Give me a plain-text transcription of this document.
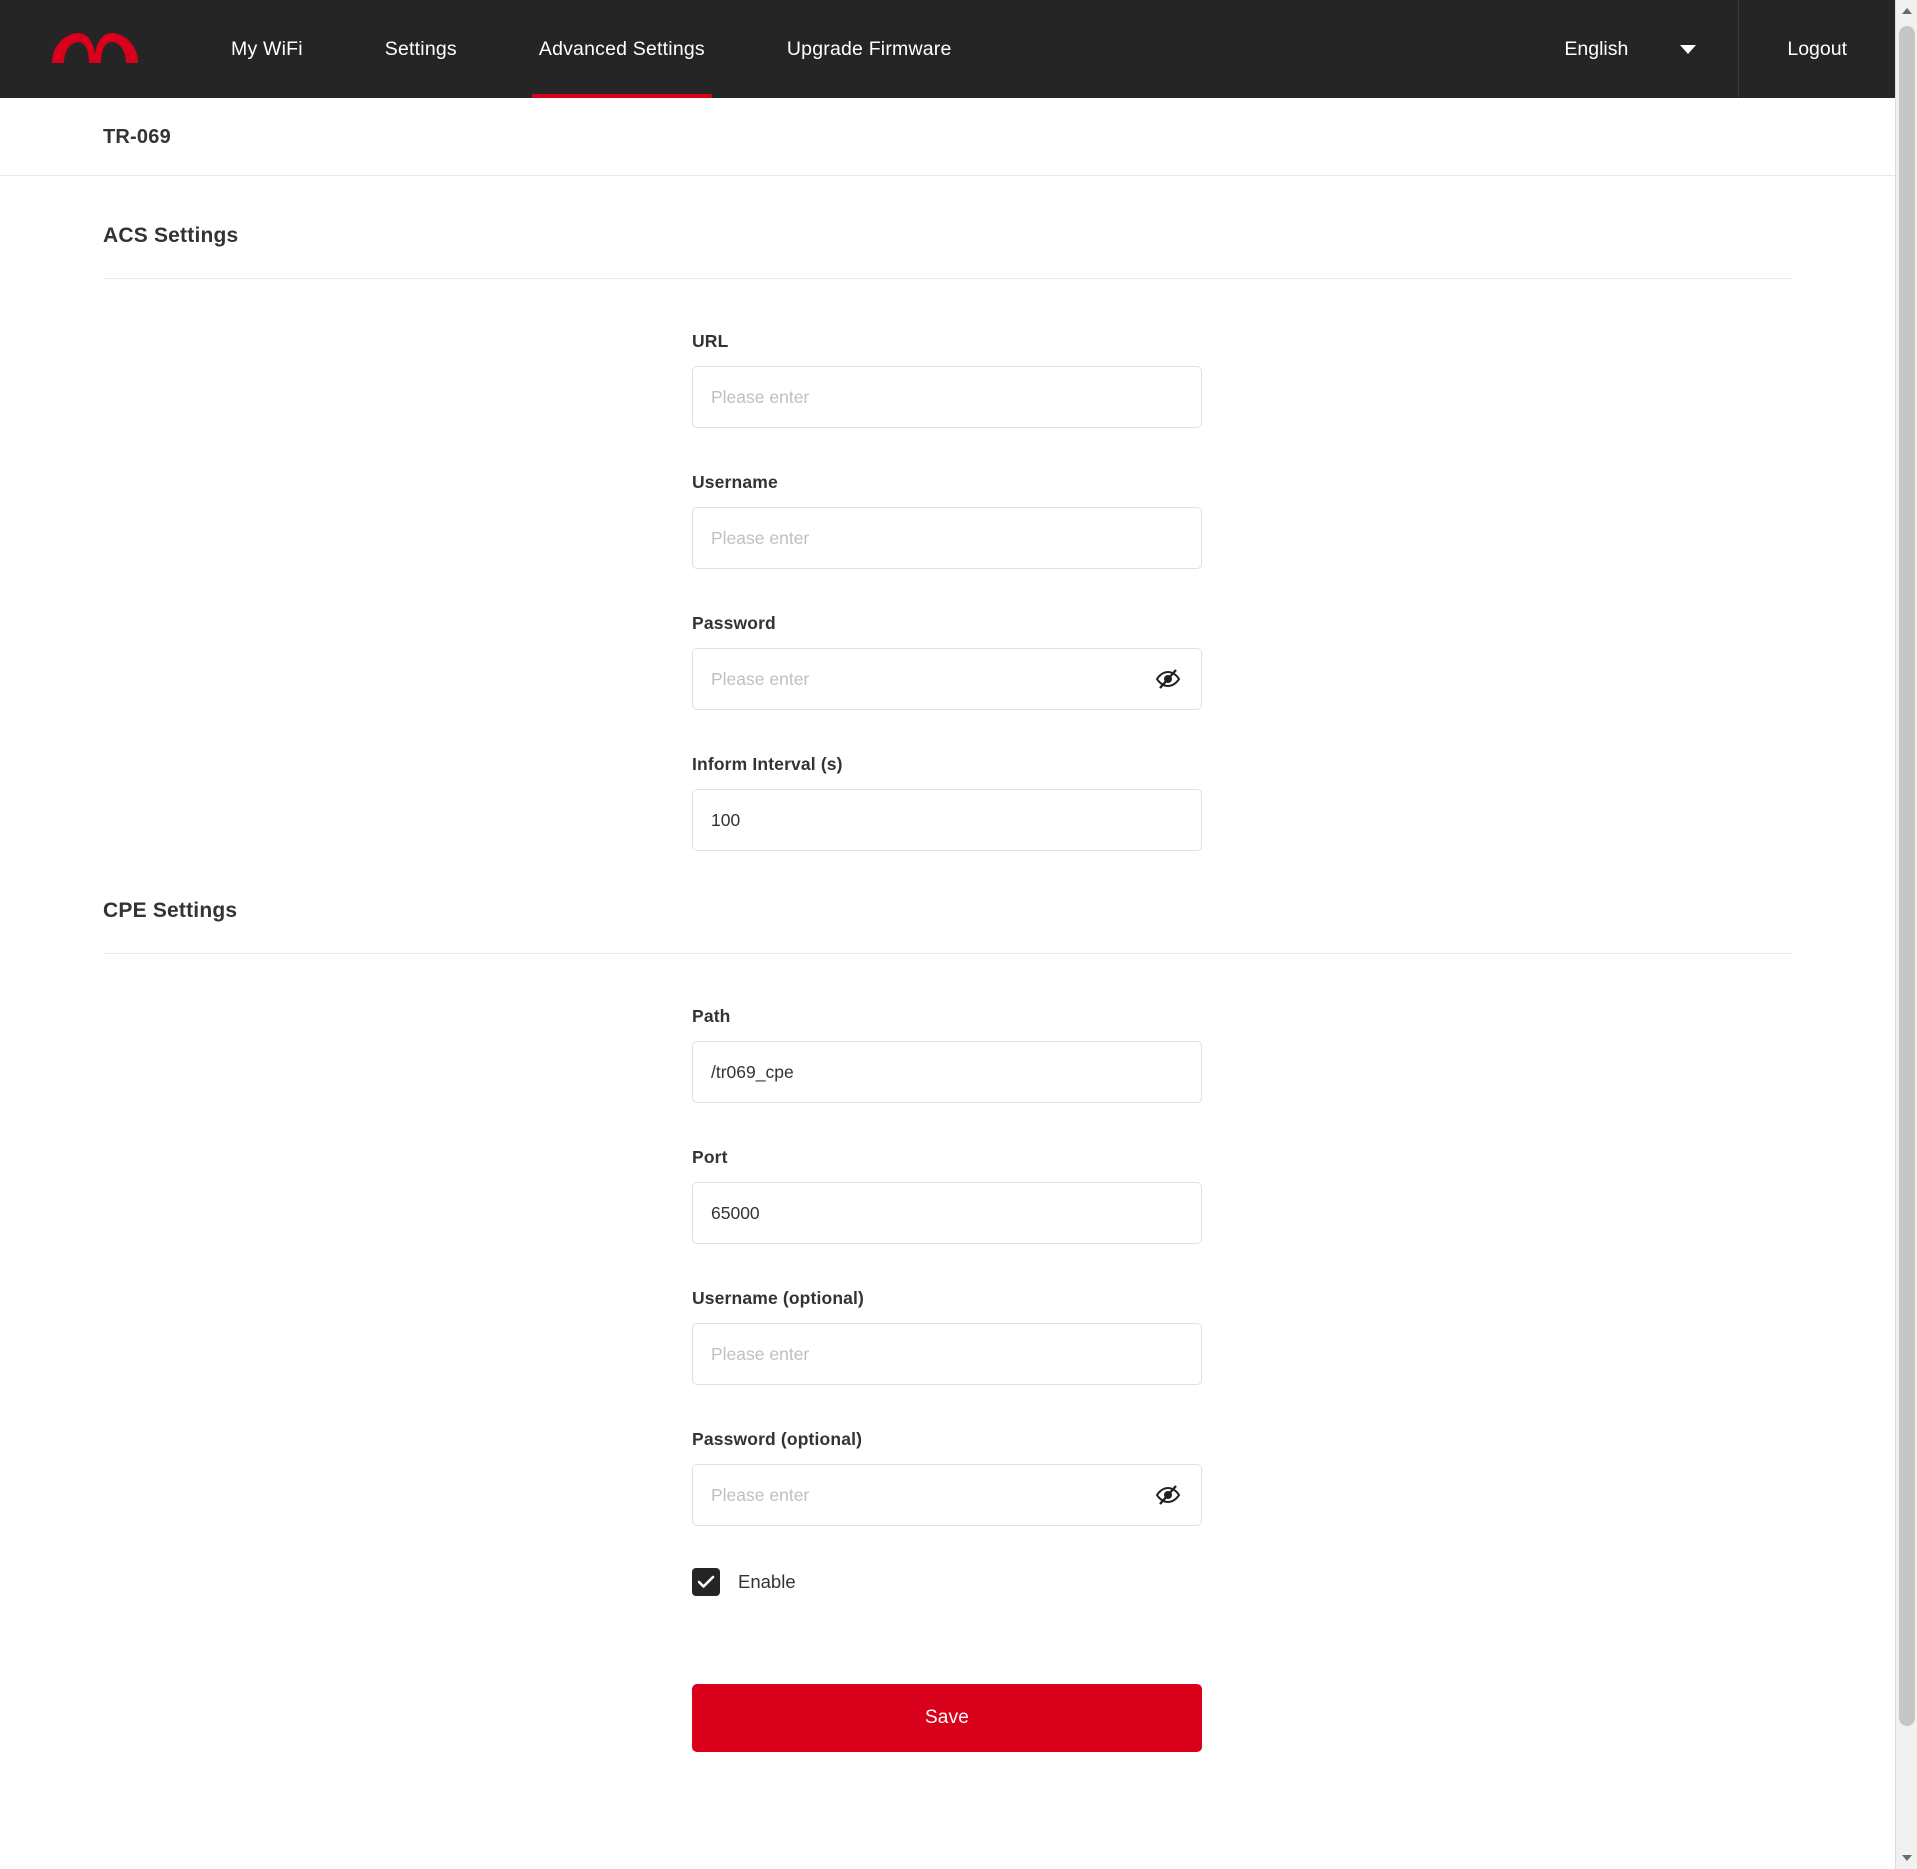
My WiFi	Settings	Advanced Settings	Upgrade Firmware	English	Logout
TR-069
ACS Settings
URL
Please enter
Username
Please enter
Password
Please enter
Inform Interval (s)
100
CPE Settings
Path
/tr069_cpe
Port
65000
Username (optional)
Please enter
Password (optional)
Please enter
Enable
Save
